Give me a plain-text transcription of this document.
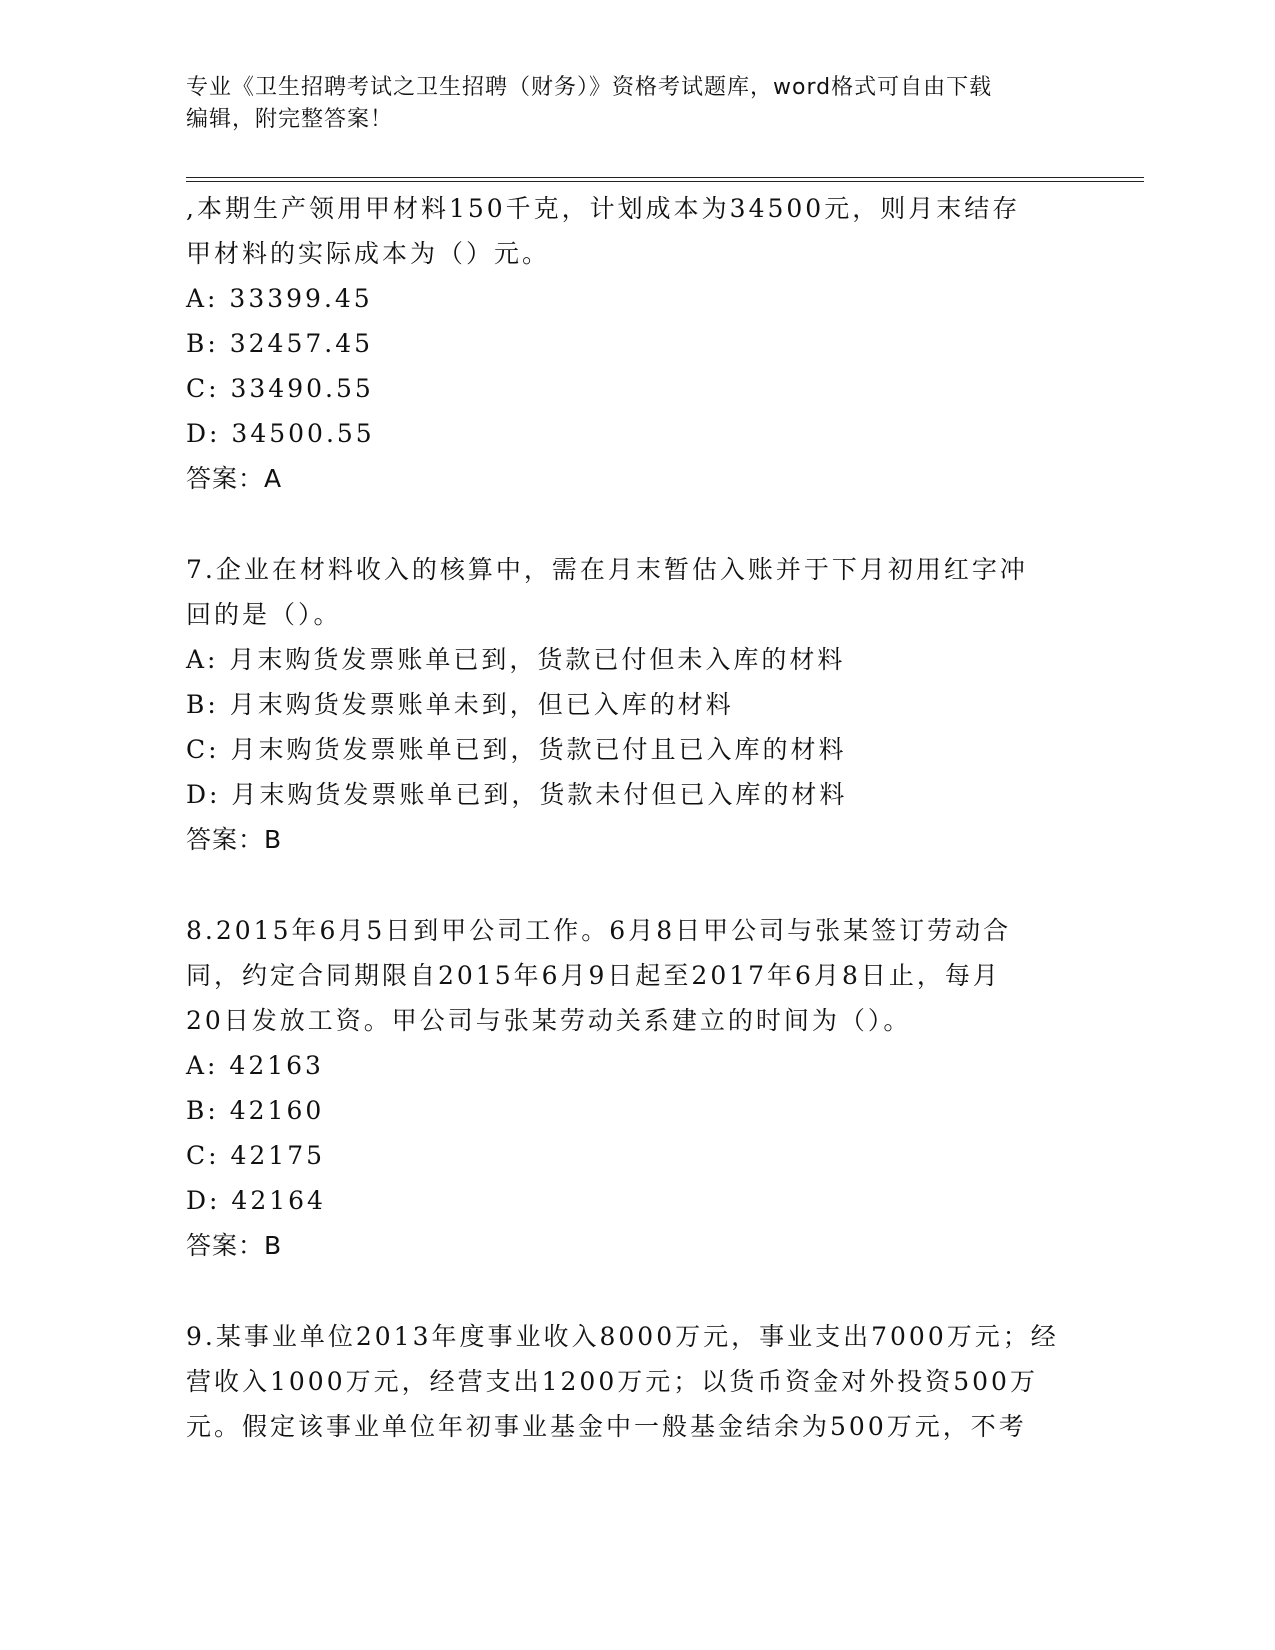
专业《卫生招聘考试之卫生招聘（财务）》资格考试题库，word格式可自由下载
编辑，附完整答案！
,本期生产领用甲材料150千克，计划成本为34500元，则月末结存
甲材料的实际成本为（）元。
A: 33399.45
B: 32457.45
C: 33490.55
D: 34500.55
答案：A
7.企业在材料收入的核算中，需在月末暂估入账并于下月初用红字冲
回的是（）。
A: 月末购货发票账单已到，货款已付但未入库的材料
B: 月末购货发票账单未到，但已入库的材料
C: 月末购货发票账单已到，货款已付且已入库的材料
D: 月末购货发票账单已到，货款未付但已入库的材料
答案：B
8.2015年6月5日到甲公司工作。6月8日甲公司与张某签订劳动合
同，约定合同期限自2015年6月9日起至2017年6月8日止，每月
20日发放工资。甲公司与张某劳动关系建立的时间为（）。
A: 42163
B: 42160
C: 42175
D: 42164
答案：B
9.某事业单位2013年度事业收入8000万元，事业支出7000万元；经
营收入1000万元，经营支出1200万元；以货币资金对外投资500万
元。假定该事业单位年初事业基金中一般基金结余为500万元，不考
